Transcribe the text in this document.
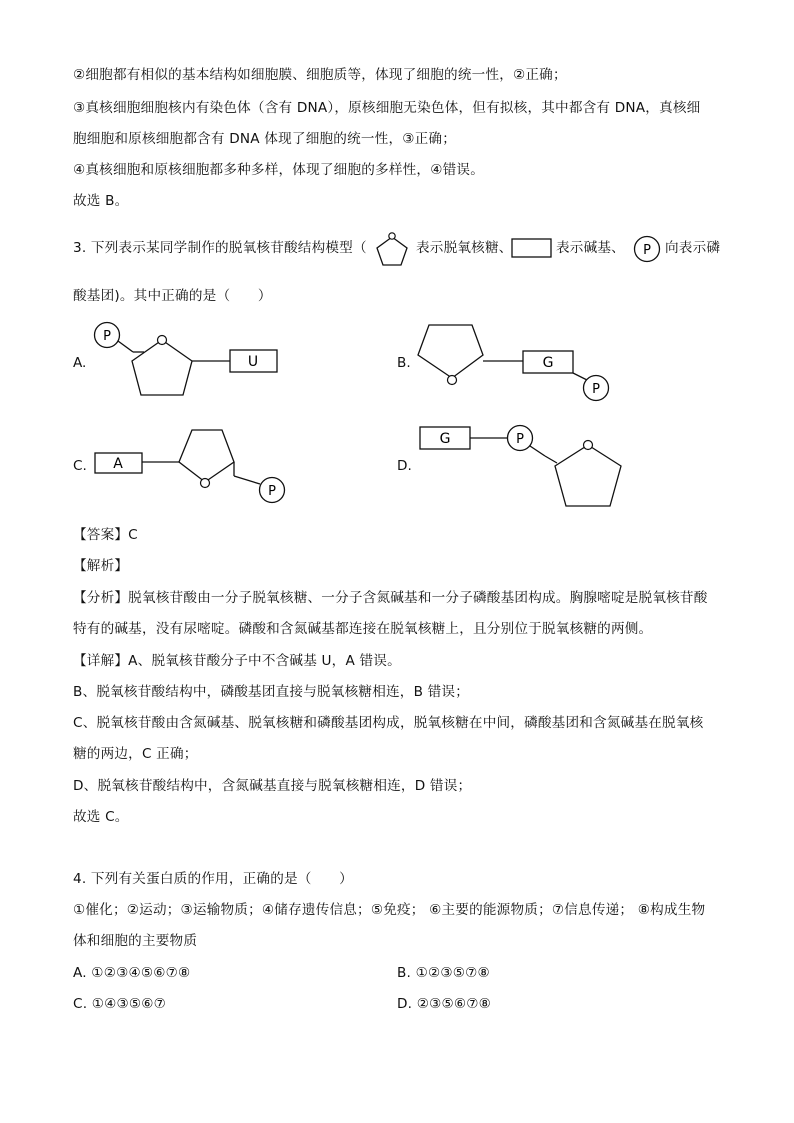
②细胞都有相似的基本结构如细胞膜、细胞质等，体现了细胞的统一性，②正确；
③真核细胞细胞核内有染色体（含有 DNA），原核细胞无染色体，但有拟核，其中都含有 DNA，真核细
胞细胞和原核细胞都含有 DNA 体现了细胞的统一性，③正确；
④真核细胞和原核细胞都多种多样，体现了细胞的多样性，④错误。
故选 B。
3. 下列表示某同学制作的脱氧核苷酸结构模型（	表示脱氧核糖、	表示碱基、 P 向表示磷
酸基团)。其中正确的是（　　）
A.
P
U	B.	G
P
C. A
P
D.
G	P
【答案】C
【解析】
【分析】脱氧核苷酸由一分子脱氧核糖、一分子含氮碱基和一分子磷酸基团构成。胸腺嘧啶是脱氧核苷酸
特有的碱基，没有尿嘧啶。磷酸和含氮碱基都连接在脱氧核糖上，且分别位于脱氧核糖的两侧。
【详解】A、脱氧核苷酸分子中不含碱基 U，A 错误。
B、脱氧核苷酸结构中，磷酸基团直接与脱氧核糖相连，B 错误；
C、脱氧核苷酸由含氮碱基、脱氧核糖和磷酸基团构成，脱氧核糖在中间，磷酸基团和含氮碱基在脱氧核
糖的两边，C 正确；
D、脱氧核苷酸结构中，含氮碱基直接与脱氧核糖相连，D 错误；
故选 C。
4. 下列有关蛋白质的作用，正确的是（　　）
①催化；②运动；③运输物质；④储存遗传信息；⑤免疫； ⑥主要的能源物质；⑦信息传递； ⑧构成生物
体和细胞的主要物质
A. ①②③④⑤⑥⑦⑧	B. ①②③⑤⑦⑧
C. ①④③⑤⑥⑦	D. ②③⑤⑥⑦⑧
